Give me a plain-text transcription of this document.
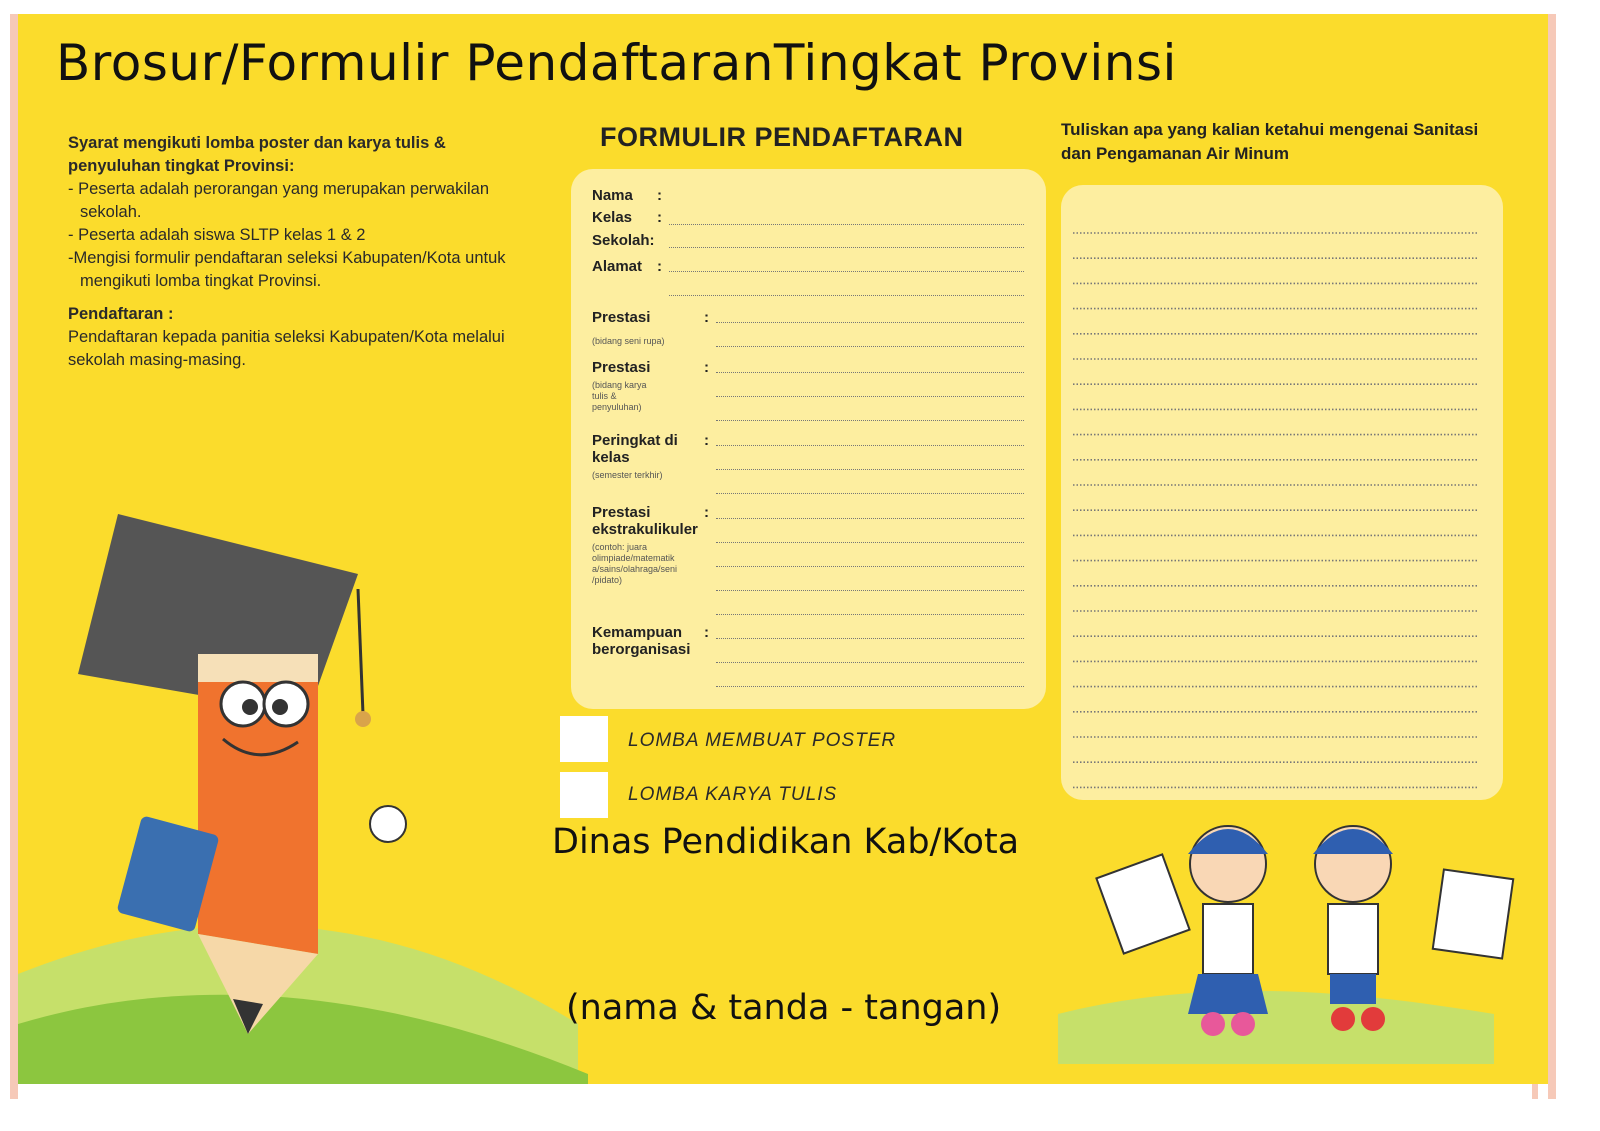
Brosur/Formulir PendaftaranTingkat Provinsi
Syarat mengikuti lomba poster dan karya tulis & penyuluhan tingkat Provinsi:
- Peserta adalah perorangan yang merupakan perwakilan sekolah.
- Peserta adalah siswa SLTP kelas 1 & 2
-Mengisi formulir pendaftaran seleksi Kabupaten/Kota untuk mengikuti lomba tingkat Provinsi.
Pendaftaran :
Pendaftaran kepada panitia seleksi Kabupaten/Kota melalui sekolah masing-masing.
FORMULIR PENDAFTARAN
Nama :
Kelas :
Sekolah:
Alamat :
Prestasi
(bidang seni rupa)
:
Prestasi
(bidang karya tulis & penyuluhan)
:
Peringkat di kelas
(semester terkhir)
:
Prestasi ekstrakulikuler
(contoh: juara olimpiade/matematik a/sains/olahraga/seni /pidato)
:
Kemampuan berorganisasi
:
LOMBA MEMBUAT POSTER
LOMBA KARYA TULIS
Dinas Pendidikan Kab/Kota
(nama & tanda - tangan)
Tuliskan apa yang kalian ketahui mengenai Sanitasi dan Pengamanan Air Minum
